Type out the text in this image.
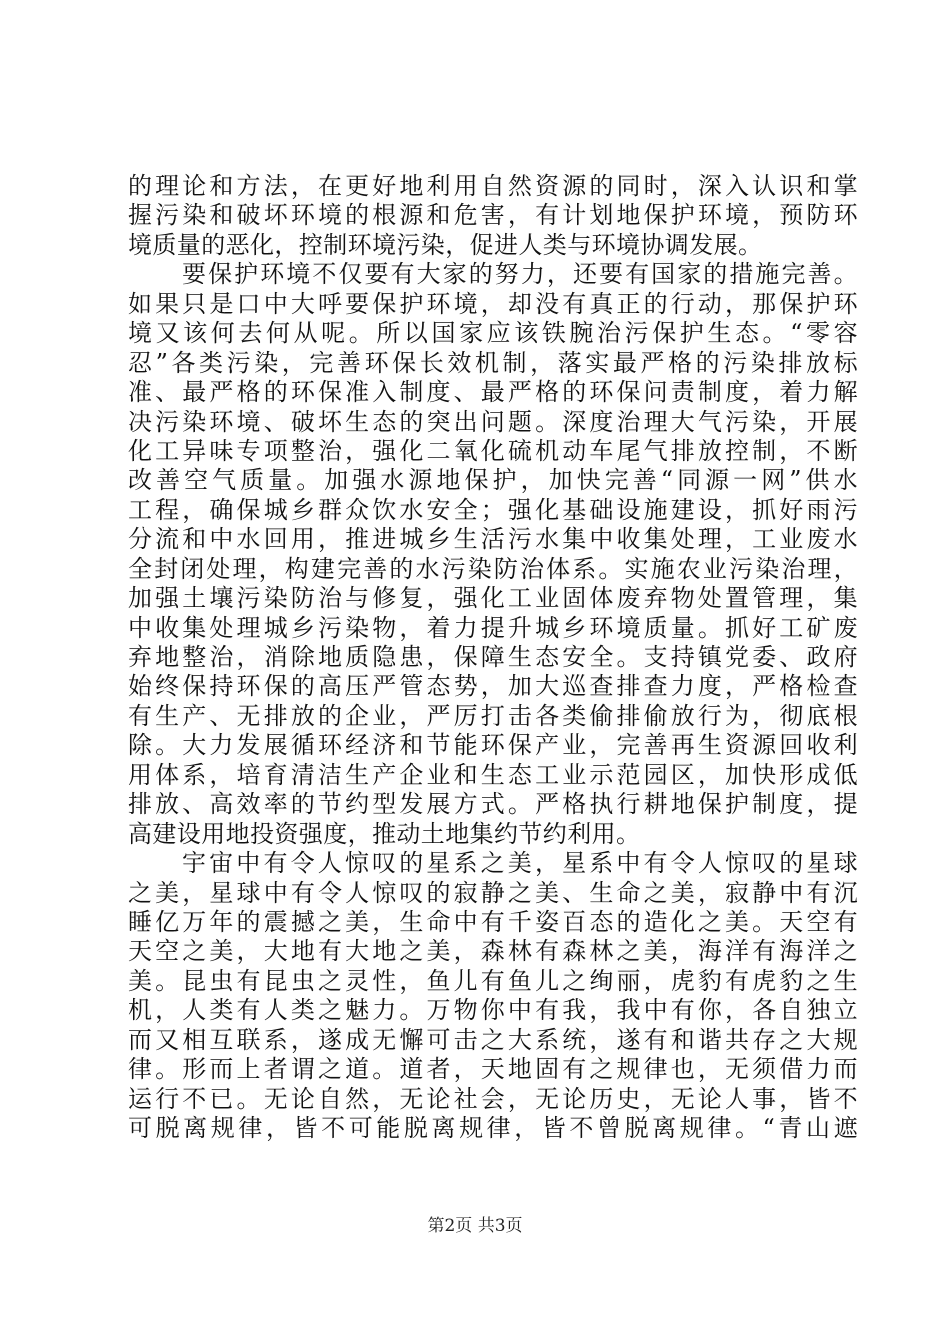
的理论和方法，在更好地利用自然资源的同时，深入认识和掌
握污染和破坏环境的根源和危害，有计划地保护环境，预防环
境质量的恶化，控制环境污染，促进人类与环境协调发展。
要保护环境不仅要有大家的努力，还要有国家的措施完善。
如果只是口中大呼要保护环境，却没有真正的行动，那保护环
境又该何去何从呢。所以国家应该铁腕治污保护生态。“零容
忍”各类污染，完善环保长效机制，落实最严格的污染排放标
准、最严格的环保准入制度、最严格的环保问责制度，着力解
决污染环境、破坏生态的突出问题。深度治理大气污染，开展
化工异味专项整治，强化二氧化硫机动车尾气排放控制，不断
改善空气质量。加强水源地保护，加快完善“同源一网”供水
工程，确保城乡群众饮水安全；强化基础设施建设，抓好雨污
分流和中水回用，推进城乡生活污水集中收集处理，工业废水
全封闭处理，构建完善的水污染防治体系。实施农业污染治理，
加强土壤污染防治与修复，强化工业固体废弃物处置管理，集
中收集处理城乡污染物，着力提升城乡环境质量。抓好工矿废
弃地整治，消除地质隐患，保障生态安全。支持镇党委、政府
始终保持环保的高压严管态势，加大巡查排查力度，严格检查
有生产、无排放的企业，严厉打击各类偷排偷放行为，彻底根
除。大力发展循环经济和节能环保产业，完善再生资源回收利
用体系，培育清洁生产企业和生态工业示范园区，加快形成低
排放、高效率的节约型发展方式。严格执行耕地保护制度，提
高建设用地投资强度，推动土地集约节约利用。
宇宙中有令人惊叹的星系之美，星系中有令人惊叹的星球
之美，星球中有令人惊叹的寂静之美、生命之美，寂静中有沉
睡亿万年的震撼之美，生命中有千姿百态的造化之美。天空有
天空之美，大地有大地之美，森林有森林之美，海洋有海洋之
美。昆虫有昆虫之灵性，鱼儿有鱼儿之绚丽，虎豹有虎豹之生
机，人类有人类之魅力。万物你中有我，我中有你，各自独立
而又相互联系，遂成无懈可击之大系统，遂有和谐共存之大规
律。形而上者谓之道。道者，天地固有之规律也，无须借力而
运行不已。无论自然，无论社会，无论历史，无论人事，皆不
可脱离规律，皆不可能脱离规律，皆不曾脱离规律。“青山遮
第2页 共3页
